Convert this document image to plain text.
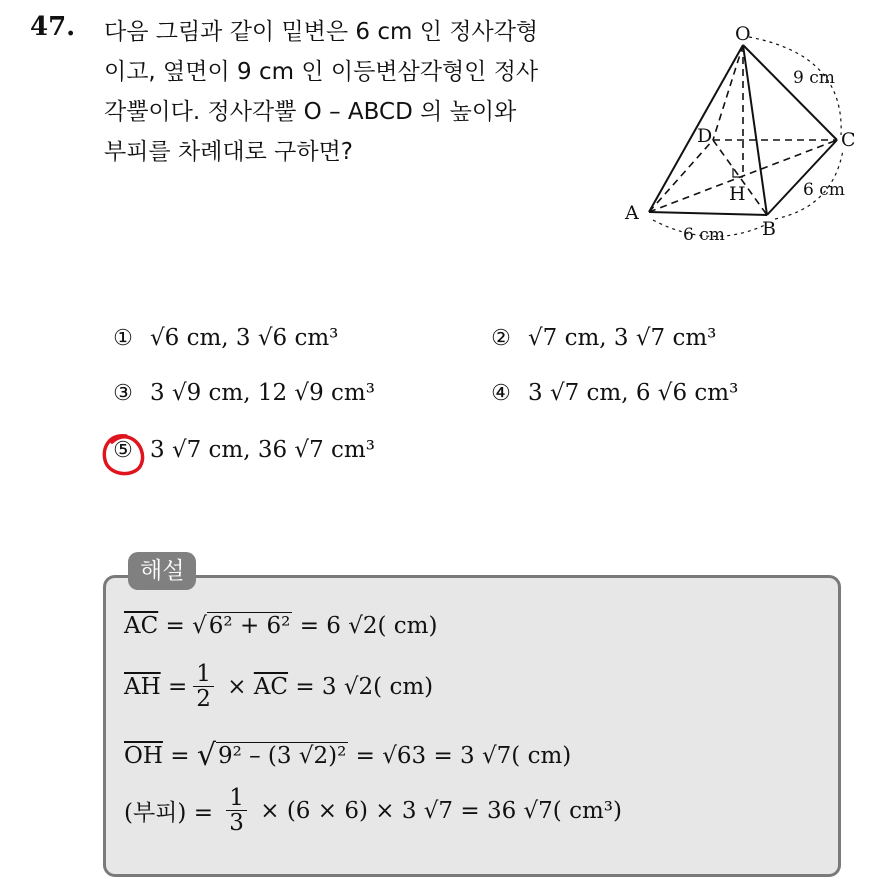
47. 다음 그림과 같이 밑변은 6 cm 인 정사각형
이고, 옆면이 9 cm 인 이등변삼각형인 정사
각뿔이다. 정사각뿔 O – ABCD 의 높이와
부피를 차례대로 구하면?
O
A
B
C
D
H
9 cm
6 cm
6 cm
① √6 cm, 3 √6 cm³	② √7 cm, 3 √7 cm³
③ 3 √9 cm, 12 √9 cm³	④ 3 √7 cm, 6 √6 cm³
⑤ 3 √7 cm, 36 √7 cm³
해설
$\overline{AC}$ = √ 6² + 6² = 6 √2( cm)
$\overline{AH} = \frac{1}{2} \times \overline{AC} = 3$ √2( cm)
$\overline{OH}$ = √ 9² – (3 √2)² = √63 = 3 √7( cm)
(부피) = $\frac{1}{3} \times (6 \times 6) \times 3$ √7 = 36 √7( cm³)
